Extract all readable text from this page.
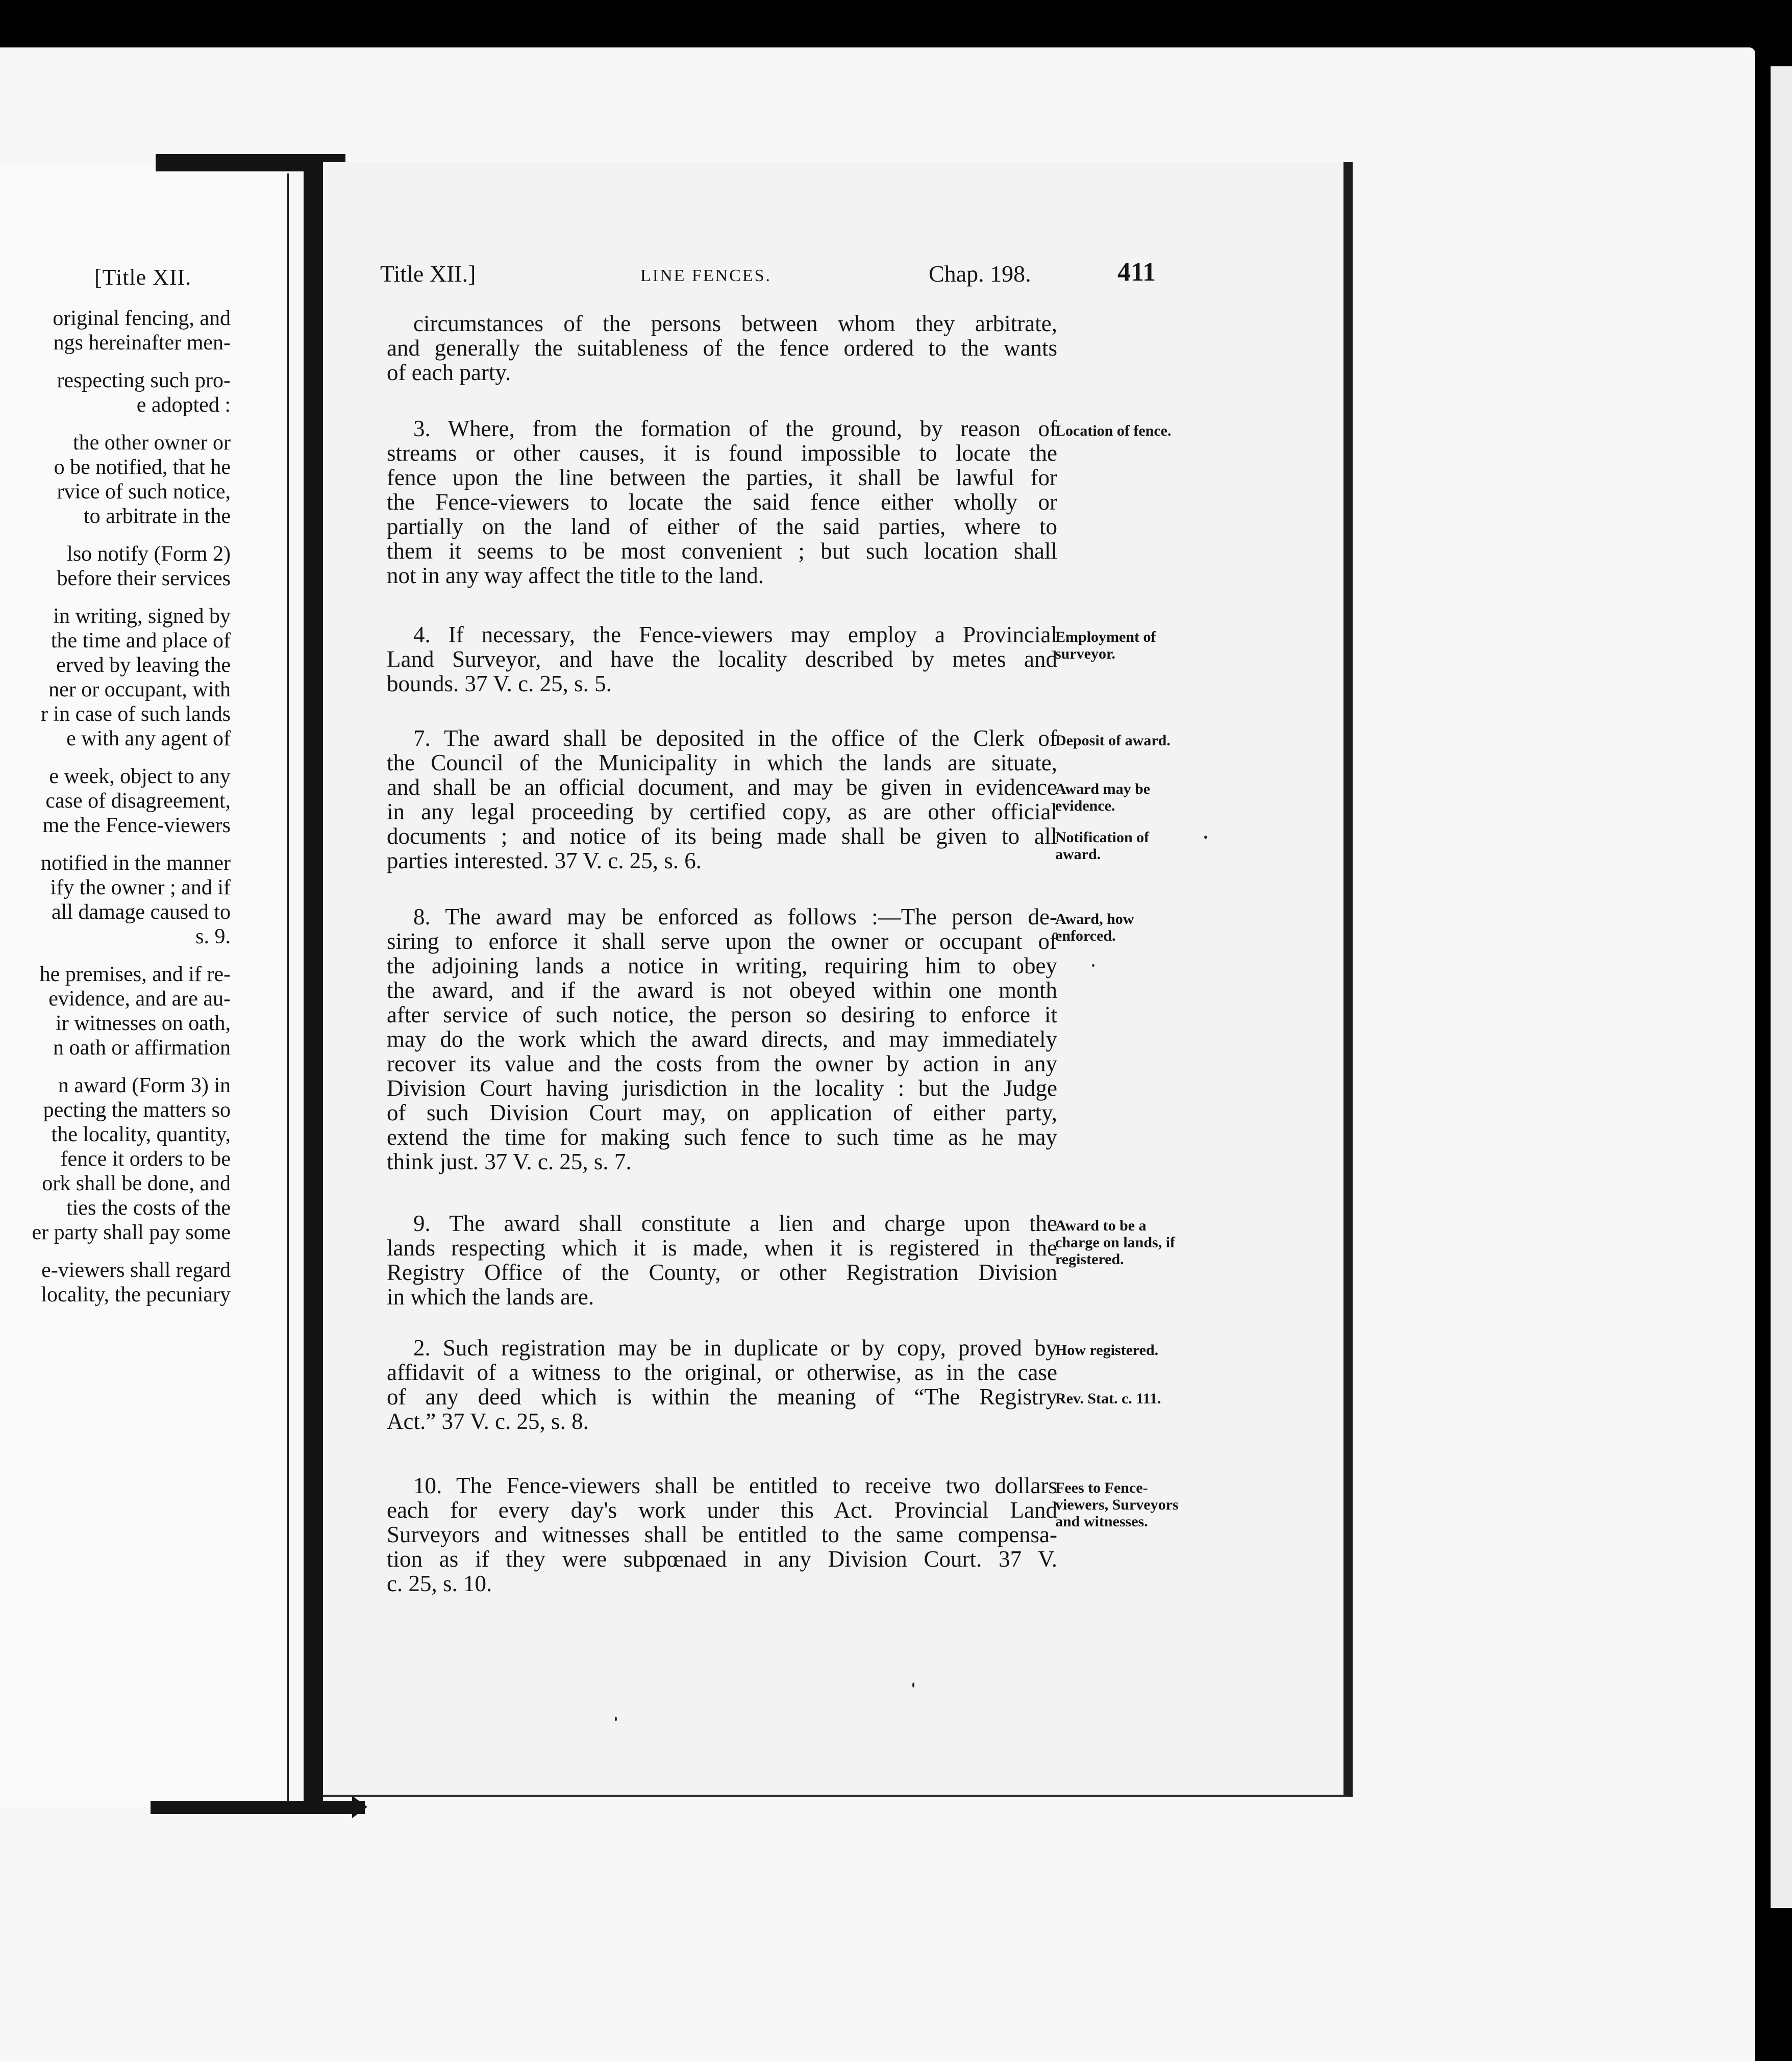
[Title XII.
original fencing, and
ngs hereinafter men-
respecting such pro-
e adopted :
the other owner or
o be notified, that he
rvice of such notice,
to arbitrate in the
lso notify (Form 2)
before their services
in writing, signed by
the time and place of
erved by leaving the
ner or occupant, with
r in case of such lands
e with any agent of
e week, object to any
case of disagreement,
me the Fence-viewers
notified in the manner
ify the owner ; and if
all damage caused to
s. 9.
he premises, and if re-
evidence, and are au-
ir witnesses on oath,
n oath or affirmation
n award (Form 3) in
pecting the matters so
the locality, quantity,
fence it orders to be
ork shall be done, and
ties the costs of the
er party shall pay some
e-viewers shall regard
locality, the pecuniary
Title XII.]	LINE FENCES.	Chap. 198.	411
circumstances of the persons between whom they arbitrate,
and generally the suitableness of the fence ordered to the wants
of each party.
3. Where, from the formation of the ground, by reason of
streams or other causes, it is found impossible to locate the
fence upon the line between the parties, it shall be lawful for
the Fence-viewers to locate the said fence either wholly or
partially on the land of either of the said parties, where to
them it seems to be most convenient ; but such location shall
not in any way affect the title to the land.
Location of fence.
4. If necessary, the Fence-viewers may employ a Provincial
Land Surveyor, and have the locality described by metes and
bounds. 37 V. c. 25, s. 5.
Employment of surveyor.
7. The award shall be deposited in the office of the Clerk of
the Council of the Municipality in which the lands are situate,
and shall be an official document, and may be given in evidence
in any legal proceeding by certified copy, as are other official
documents ; and notice of its being made shall be given to all
parties interested. 37 V. c. 25, s. 6.
Deposit of award.
Award may be evidence.
Notification of award.
8. The award may be enforced as follows :—The person de-
siring to enforce it shall serve upon the owner or occupant of
the adjoining lands a notice in writing, requiring him to obey
the award, and if the award is not obeyed within one month
after service of such notice, the person so desiring to enforce it
may do the work which the award directs, and may immediately
recover its value and the costs from the owner by action in any
Division Court having jurisdiction in the locality : but the Judge
of such Division Court may, on application of either party,
extend the time for making such fence to such time as he may
think just. 37 V. c. 25, s. 7.
Award, how enforced.
9. The award shall constitute a lien and charge upon the
lands respecting which it is made, when it is registered in the
Registry Office of the County, or other Registration Division
in which the lands are.
Award to be a charge on lands, if registered.
2. Such registration may be in duplicate or by copy, proved by
affidavit of a witness to the original, or otherwise, as in the case
of any deed which is within the meaning of “The Registry
Act.” 37 V. c. 25, s. 8.
How registered.
Rev. Stat. c. 111.
10. The Fence-viewers shall be entitled to receive two dollars
each for every day's work under this Act. Provincial Land
Surveyors and witnesses shall be entitled to the same compensa-
tion as if they were subpœnaed in any Division Court. 37 V.
c. 25, s. 10.
Fees to Fence-viewers, Surveyors and witnesses.
